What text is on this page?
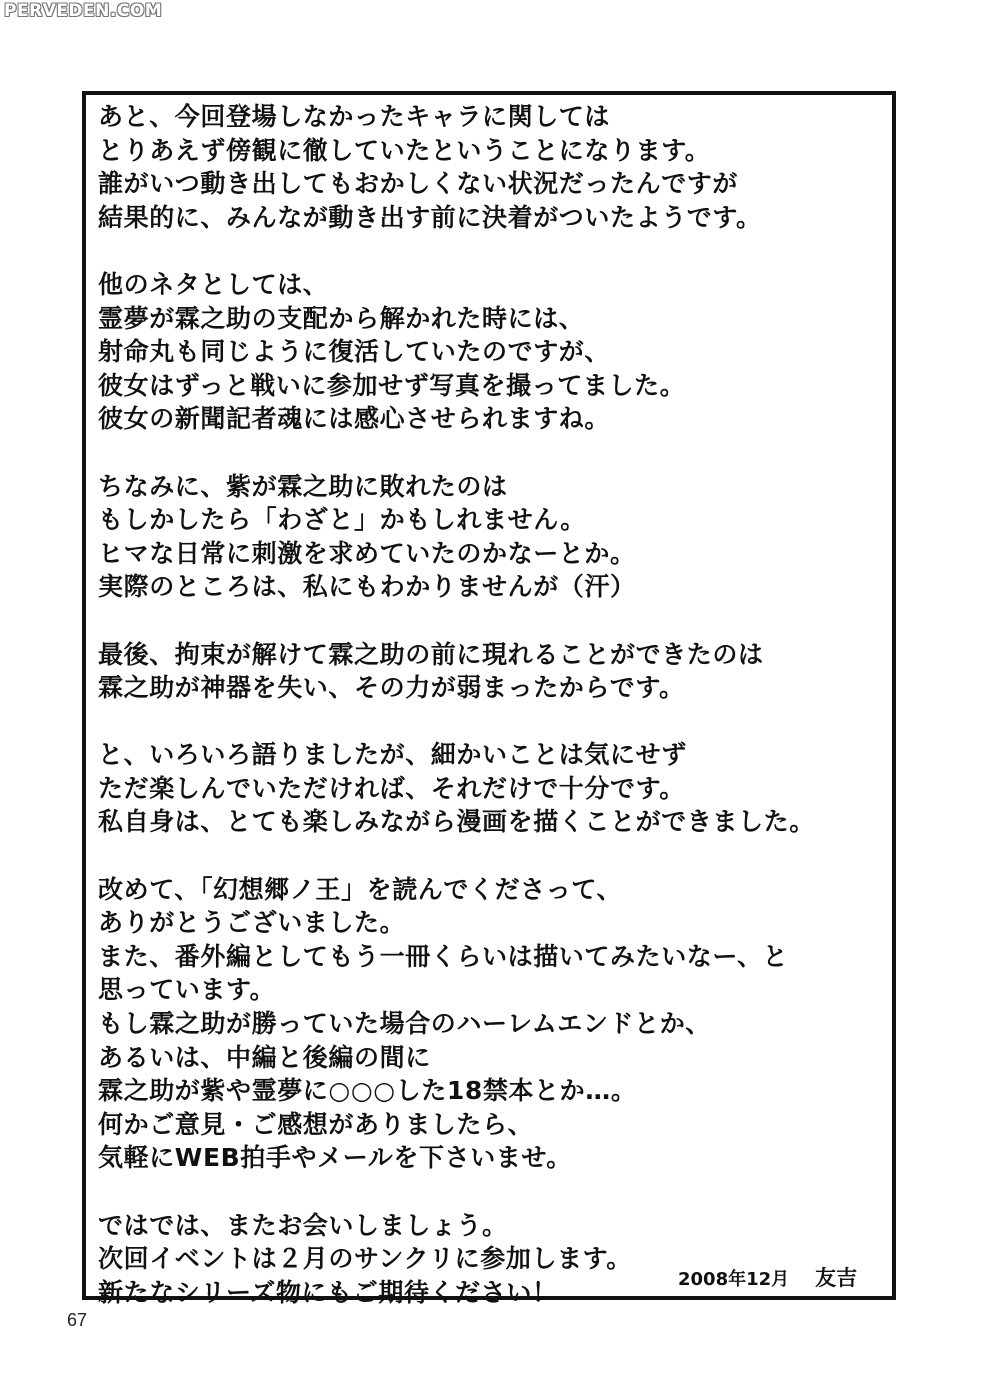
PERVEDEN.COM
あと、今回登場しなかったキャラに関しては
とりあえず傍観に徹していたということになります。
誰がいつ動き出してもおかしくない状況だったんですが
結果的に、みんなが動き出す前に決着がついたようです。
他のネタとしては、
霊夢が霖之助の支配から解かれた時には、
射命丸も同じように復活していたのですが、
彼女はずっと戦いに参加せず写真を撮ってました。
彼女の新聞記者魂には感心させられますね。
ちなみに、紫が霖之助に敗れたのは
もしかしたら「わざと」かもしれません。
ヒマな日常に刺激を求めていたのかなーとか。
実際のところは、私にもわかりませんが（汗）
最後、拘束が解けて霖之助の前に現れることができたのは
霖之助が神器を失い、その力が弱まったからです。
と、いろいろ語りましたが、細かいことは気にせず
ただ楽しんでいただければ、それだけで十分です。
私自身は、とても楽しみながら漫画を描くことができました。
改めて、「幻想郷ノ王」を読んでくださって、
ありがとうございました。
また、番外編としてもう一冊くらいは描いてみたいなー、と
思っています。
もし霖之助が勝っていた場合のハーレムエンドとか、
あるいは、中編と後編の間に
霖之助が紫や霊夢に○○○した18禁本とか…。
何かご意見・ご感想がありましたら、
気軽にWEB拍手やメールを下さいませ。
ではでは、またお会いしましょう。
次回イベントは２月のサンクリに参加します。
新たなシリーズ物にもご期待ください！	2008年12月 友吉
67
